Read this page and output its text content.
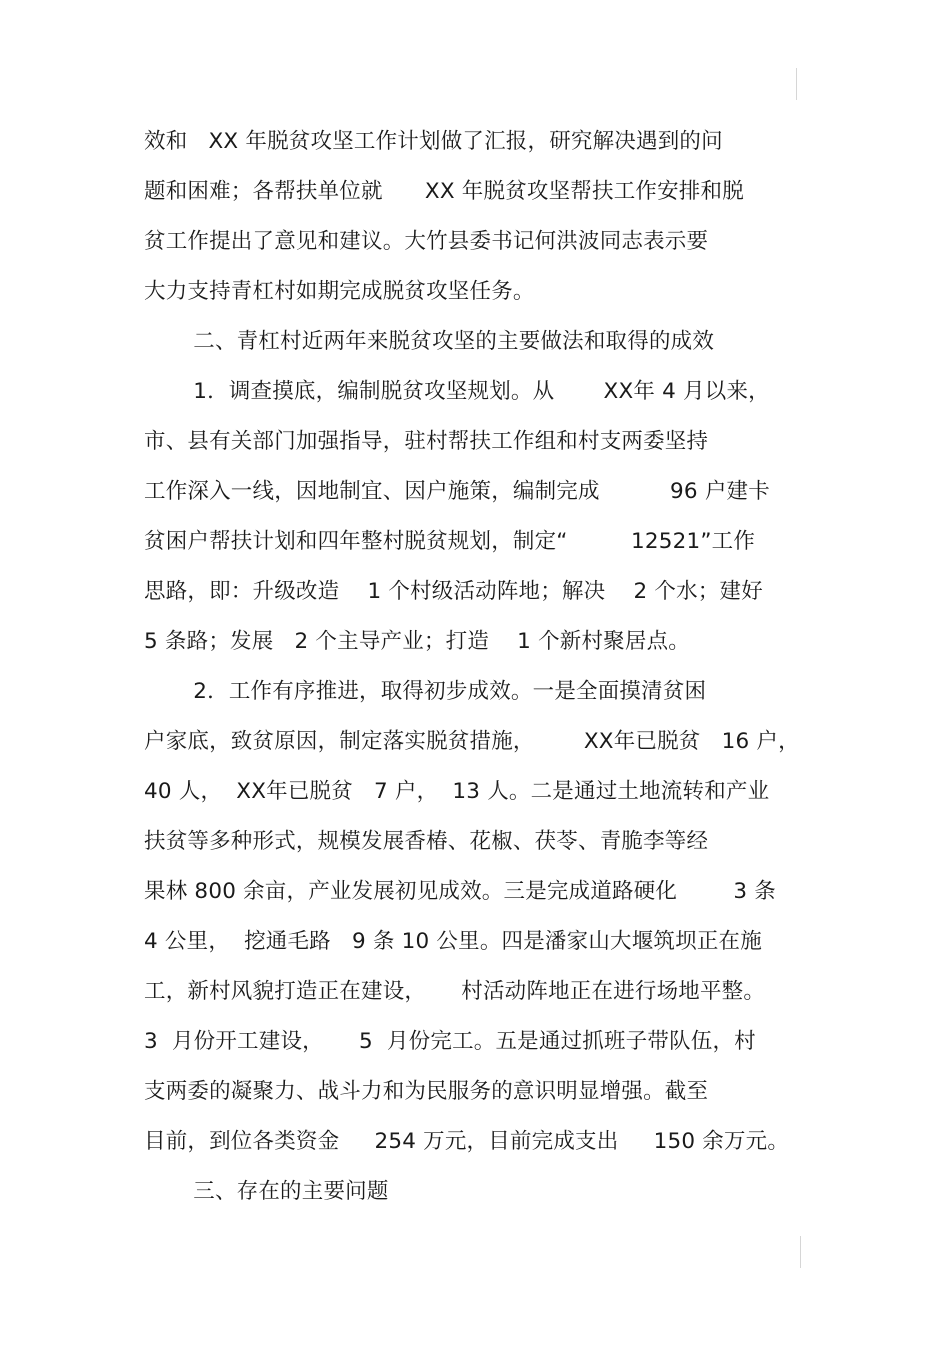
效和   XX 年脱贫攻坚工作计划做了汇报，研究解决遇到的问
题和困难；各帮扶单位就      XX 年脱贫攻坚帮扶工作安排和脱
贫工作提出了意见和建议。大竹县委书记何洪波同志表示要
大力支持青杠村如期完成脱贫攻坚任务。
二、青杠村近两年来脱贫攻坚的主要做法和取得的成效
1．调查摸底，编制脱贫攻坚规划。从       XX年 4 月以来，
市、县有关部门加强指导，驻村帮扶工作组和村支两委坚持
工作深入一线，因地制宜、因户施策，编制完成          96 户建卡
贫困户帮扶计划和四年整村脱贫规划，制定“         12521”工作
思路，即：升级改造    1 个村级活动阵地；解决    2 个水；建好
5 条路；发展   2 个主导产业；打造    1 个新村聚居点。
2．工作有序推进，取得初步成效。一是全面摸清贫困
户家底，致贫原因，制定落实脱贫措施，       XX年已脱贫   16 户，
40 人，  XX年已脱贫   7 户，  13 人。二是通过土地流转和产业
扶贫等多种形式，规模发展香椿、花椒、茯苓、青脆李等经
果林 800 余亩，产业发展初见成效。三是完成道路硬化        3 条
4 公里，  挖通毛路   9 条 10 公里。四是潘家山大堰筑坝正在施
工，新村风貌打造正在建设，     村活动阵地正在进行场地平整。
3  月份开工建设，     5  月份完工。五是通过抓班子带队伍，村
支两委的凝聚力、战斗力和为民服务的意识明显增强。截至
目前，到位各类资金     254 万元，目前完成支出     150 余万元。
三、存在的主要问题
